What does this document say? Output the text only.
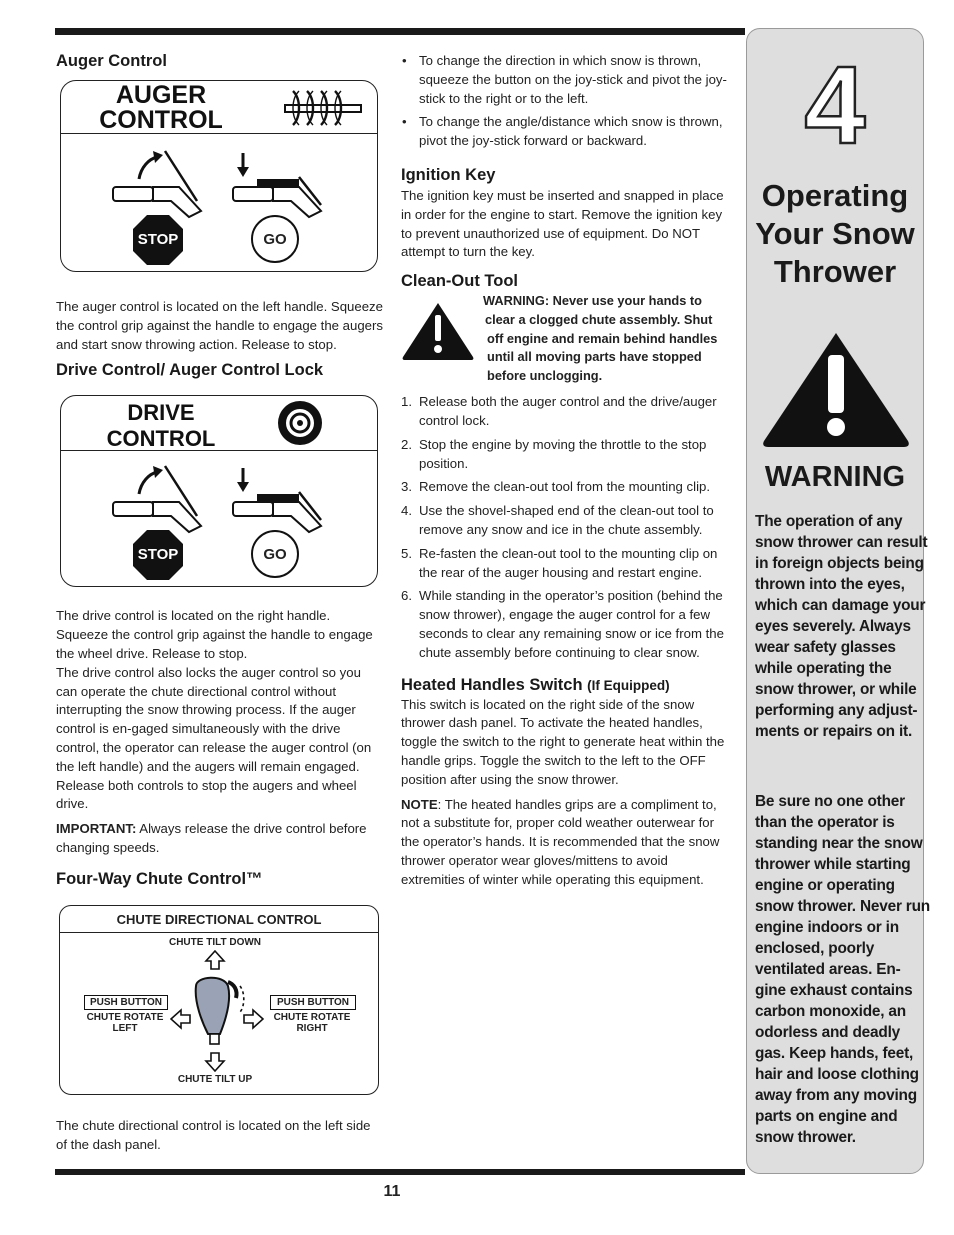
Auger Control
AUGER
CONTROL
STOP	GO

The auger control is located on the left handle. Squeeze the control grip against the handle to engage the augers and start snow throwing action. Release to stop.

Drive Control/ Auger Control Lock
DRIVE
CONTROL
STOP	GO

The drive control is located on the right handle. Squeeze the control grip against the handle to engage the wheel drive. Release to stop.

The drive control also locks the auger control so you can operate the chute directional control without interrupting the snow throwing process. If the auger control is en-gaged simultaneously with the drive control, the operator can release the auger control (on the left handle) and the augers will remain engaged. Release both controls to stop the augers and wheel drive.

IMPORTANT: Always release the drive control before changing speeds.

Four-Way Chute Control™
CHUTE DIRECTIONAL CONTROL
CHUTE TILT DOWN
CHUTE TILT UP
PUSH BUTTON
CHUTE ROTATE
LEFT
PUSH BUTTON
CHUTE ROTATE
RIGHT

The chute directional control is located on the left side of the dash panel.

• To change the direction in which snow is thrown, squeeze the button on the joy-stick and pivot the joy-stick to the right or to the left.
• To change the angle/distance which snow is thrown, pivot the joy-stick forward or backward.
Ignition Key

The ignition key must be inserted and snapped in place in order for the engine to start. Remove the ignition key to prevent unauthorized use of equipment. Do NOT attempt to turn the key.

Clean-Out Tool
WARNING: Never use your hands to
clear a clogged chute assembly. Shut
off engine and remain behind handles
until all moving parts have stopped
before unclogging.
1. Release both the auger control and the drive/auger control lock.
2. Stop the engine by moving the throttle to the stop position.
3. Remove the clean-out tool from the mounting clip.
4. Use the shovel-shaped end of the clean-out tool to remove any snow and ice in the chute assembly.
5. Re-fasten the clean-out tool to the mounting clip on the rear of the auger housing and restart engine.
6. While standing in the operator’s position (behind the snow thrower), engage the auger control for a few seconds to clear any remaining snow or ice from the chute assembly before continuing to clear snow.
Heated Handles Switch (If Equipped)

This switch is located on the right side of the snow thrower dash panel. To activate the heated handles, toggle the switch to the right to generate heat within the handle grips. Toggle the switch to the left to the OFF position after using the snow thrower.

NOTE: The heated handles grips are a compliment to, not a substitute for, proper cold weather outerwear for the operator’s hands. It is recommended that the snow thrower operator wear gloves/mittens to avoid extremities of winter while operating this equipment.

4
Operating
Your Snow
Thrower
WARNING
The operation of any snow thrower can result in foreign objects being thrown into the eyes, which can damage your eyes severely. Always wear safety glasses while operating the snow thrower, or while performing any adjust-ments or repairs on it.
Be sure no one other than the operator is standing near the snow thrower while starting engine or operating snow thrower. Never run engine indoors or in enclosed, poorly ventilated areas. En-gine exhaust contains carbon monoxide, an odorless and deadly gas. Keep hands, feet, hair and loose clothing away from any moving parts on engine and snow thrower.
11
